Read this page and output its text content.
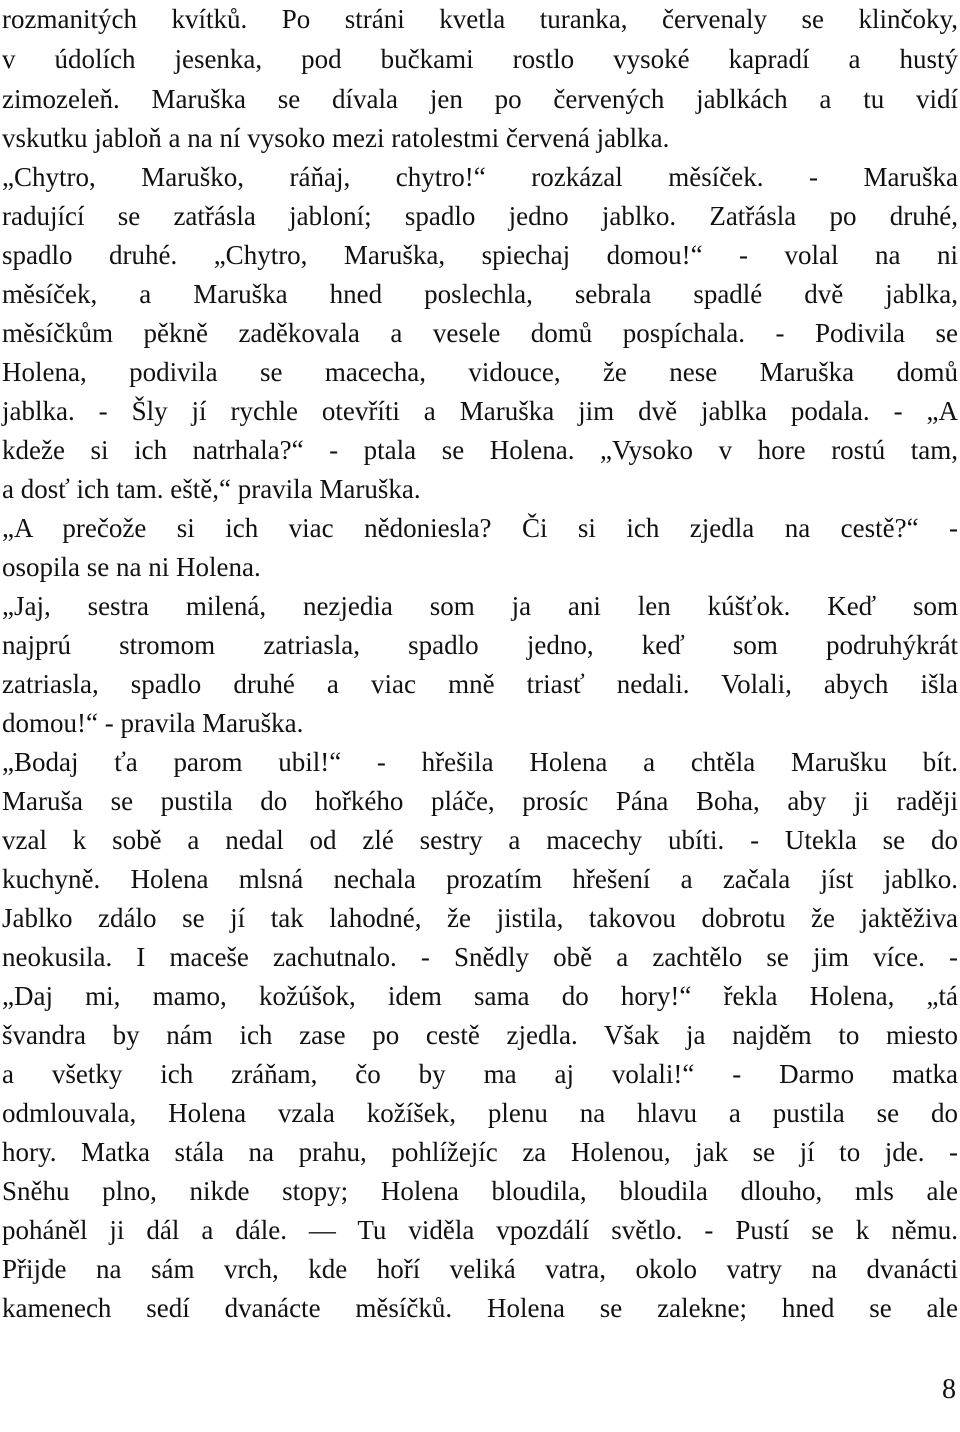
rozmanitých kvítků. Po stráni kvetla turanka, červenaly se klinčoky,
v údolích jesenka, pod bučkami rostlo vysoké kapradí a hustý
zimozeleň. Maruška se dívala jen po červených jablkách a tu vidí
vskutku jabloň a na ní vysoko mezi ratolestmi červená jablka.
„Chytro, Maruško, ráňaj, chytro!“ rozkázal měsíček. - Maruška
radující se zatřásla jabloní; spadlo jedno jablko. Zatřásla po druhé,
spadlo druhé. „Chytro, Maruška, spiechaj domou!“ - volal na ni
měsíček, a Maruška hned poslechla, sebrala spadlé dvě jablka,
měsíčkům pěkně zaděkovala a vesele domů pospíchala. - Podivila se
Holena, podivila se macecha, vidouce, že nese Maruška domů
jablka. - Šly jí rychle otevříti a Maruška jim dvě jablka podala. - „A
kdeže si ich natrhala?“ - ptala se Holena. „Vysoko v hore rostú tam,
a dosť ich tam. eště,“ pravila Maruška.
„A prečože si ich viac nědoniesla? Či si ich zjedla na cestě?“ -
osopila se na ni Holena.
„Jaj, sestra milená, nezjedia som ja ani len kúšťok. Keď som
najprú stromom zatriasla, spadlo jedno, keď som podruhýkrát
zatriasla, spadlo druhé a viac mně triasť nedali. Volali, abych išla
domou!“ - pravila Maruška.
„Bodaj ťa parom ubil!“ - hřešila Holena a chtěla Marušku bít.
Maruša se pustila do hořkého pláče, prosíc Pána Boha, aby ji raději
vzal k sobě a nedal od zlé sestry a macechy ubíti. - Utekla se do
kuchyně. Holena mlsná nechala prozatím hřešení a začala jíst jablko.
Jablko zdálo se jí tak lahodné, že jistila, takovou dobrotu že jaktěživa
neokusila. I maceše zachutnalo. - Snědly obě a zachtělo se jim více. -
„Daj mi, mamo, kožúšok, idem sama do hory!“ řekla Holena, „tá
švandra by nám ich zase po cestě zjedla. Však ja najděm to miesto
a všetky ich zráňam, čo by ma aj volali!“ - Darmo matka
odmlouvala, Holena vzala kožíšek, plenu na hlavu a pustila se do
hory. Matka stála na prahu, pohlížejíc za Holenou, jak se jí to jde. -
Sněhu plno, nikde stopy; Holena bloudila, bloudila dlouho, mls ale
poháněl ji dál a dále. — Tu viděla vpozdálí světlo. - Pustí se k němu.
Přijde na sám vrch, kde hoří veliká vatra, okolo vatry na dvanácti
kamenech sedí dvanácte měsíčků. Holena se zalekne; hned se ale
8
